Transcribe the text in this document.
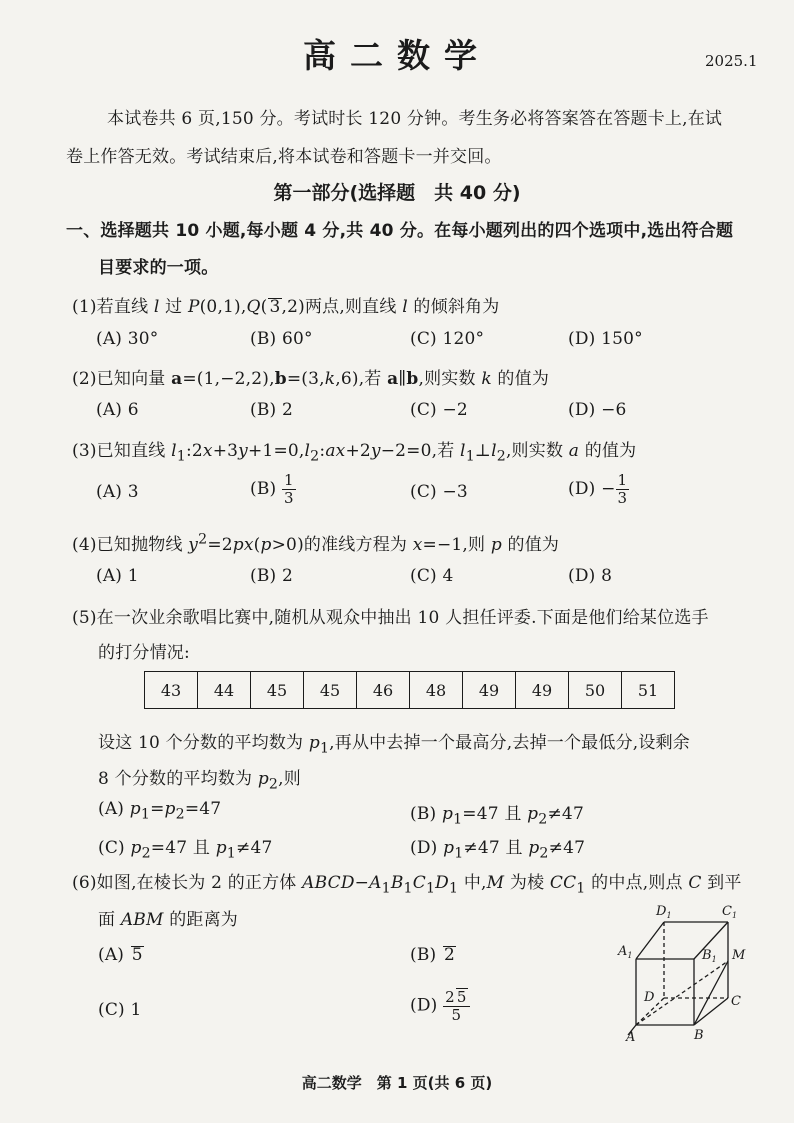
高二数学	2025.1
本试卷共 6 页,150 分。考试时长 120 分钟。考生务必将答案答在答题卡上,在试
卷上作答无效。考试结束后,将本试卷和答题卡一并交回。
第一部分(选择题　共 40 分)
一、选择题共 10 小题,每小题 4 分,共 40 分。在每小题列出的四个选项中,选出符合题
目要求的一项。
(1)若直线 l 过 P(0,1),Q( 3,2)两点,则直线 l 的倾斜角为
(A) 30°	(B) 60°	(C) 120°	(D) 150°
(2)已知向量 a=(1,−2,2),b=(3,k,6),若 a∥b,则实数 k 的值为
(A) 6	(B) 2	(C) −2	(D) −6
(3)已知直线 $l_1:2x+3y+1=0,l_2:ax+2y-2=0$,若 $l_1\perp l_2$,则实数 a 的值为
(A) 3	$(B) \frac{1}{3}$	(C) −3	$(D) - \frac{1}{3}$
(4)已知抛物线 $y^2=2px(p>0)$的准线方程为 x=−1,则 p 的值为
(A) 1	(B) 2	(C) 4	(D) 8
(5)在一次业余歌唱比赛中,随机从观众中抽出 10 人担任评委.下面是他们给某位选手
的打分情况:
43	44	45	45	46	48	49	49	50	51
设这 10 个分数的平均数为 $p_1$,再从中去掉一个最高分,去掉一个最低分,设剩余
8 个分数的平均数为 $p_2$,则
(A) $p_1=p_2=47$	(B) $p_1=47$ 且 $p_2\ne 47$
(C) $p_2=47$ 且 $p_1\ne 47$	(D) $p_1\ne 47$ 且 $p_2\ne 47$
(6)如图,在棱长为 2 的正方体 $ABCD-A_1B_1C_1D_1$ 中,M 为棱 $CC_1$ 的中点,则点 C 到平
面 ABM 的距离为
(A) 5	(B) 2
(C) 1	$(D) \frac{2 5}{5}$
$D_1$	$C_1$
$A_1$	$B_1$ M
D	C
A	B
高二数学　第 1 页(共 6 页)
